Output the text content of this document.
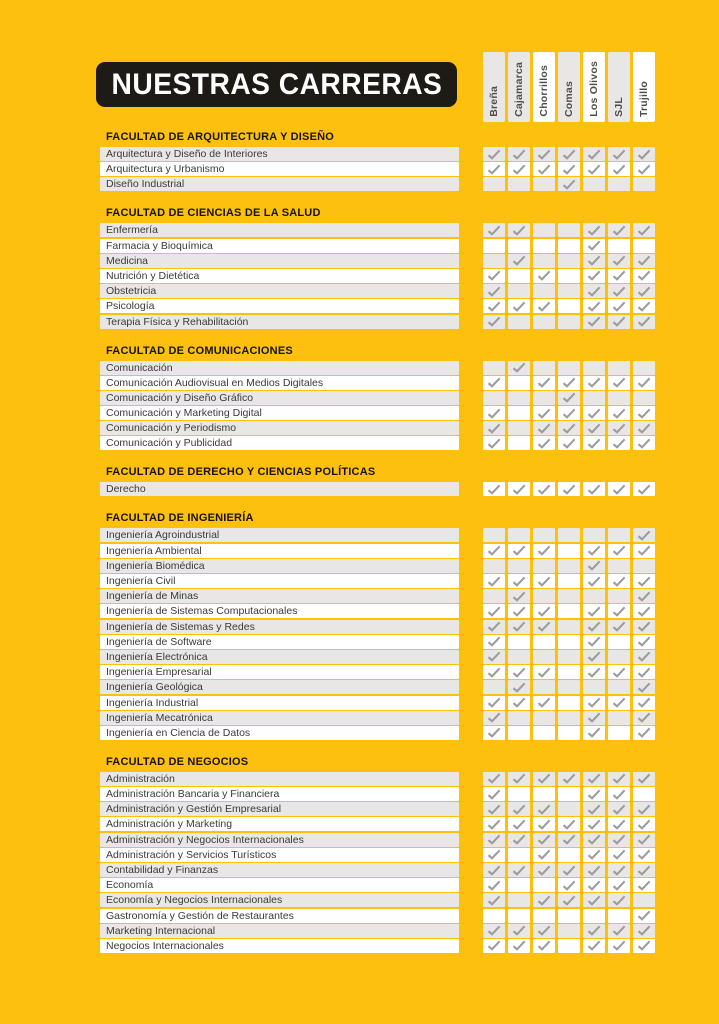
NUESTRAS CARRERAS
Breña Cajamarca Chorrillos Comas Los Olivos SJL Trujillo
FACULTAD DE ARQUITECTURA Y DISEÑO
Arquitectura y Diseño de Interiores
Arquitectura y Urbanismo
Diseño Industrial
FACULTAD DE CIENCIAS DE LA SALUD
Enfermería
Farmacia y Bioquímica
Medicina
Nutrición y Dietética
Obstetricia
Psicología
Terapia Física y Rehabilitación
FACULTAD DE COMUNICACIONES
Comunicación
Comunicación Audiovisual en Medios Digitales
Comunicación y Diseño Gráfico
Comunicación y Marketing Digital
Comunicación y Periodismo
Comunicación y Publicidad
FACULTAD DE DERECHO Y CIENCIAS POLÍTICAS
Derecho
FACULTAD DE INGENIERÍA
Ingeniería Agroindustrial
Ingeniería Ambiental
Ingeniería Biomédica
Ingeniería Civil
Ingeniería de Minas
Ingeniería de Sistemas Computacionales
Ingeniería de Sistemas y Redes
Ingeniería de Software
Ingeniería Electrónica
Ingeniería Empresarial
Ingeniería Geológica
Ingeniería Industrial
Ingeniería Mecatrónica
Ingeniería en Ciencia de Datos
FACULTAD DE NEGOCIOS
Administración
Administración Bancaria y Financiera
Administración y Gestión Empresarial
Administración y Marketing
Administración y Negocios Internacionales
Administración y Servicios Turísticos
Contabilidad y Finanzas
Economía
Economía y Negocios Internacionales
Gastronomía y Gestión de Restaurantes
Marketing Internacional
Negocios Internacionales
